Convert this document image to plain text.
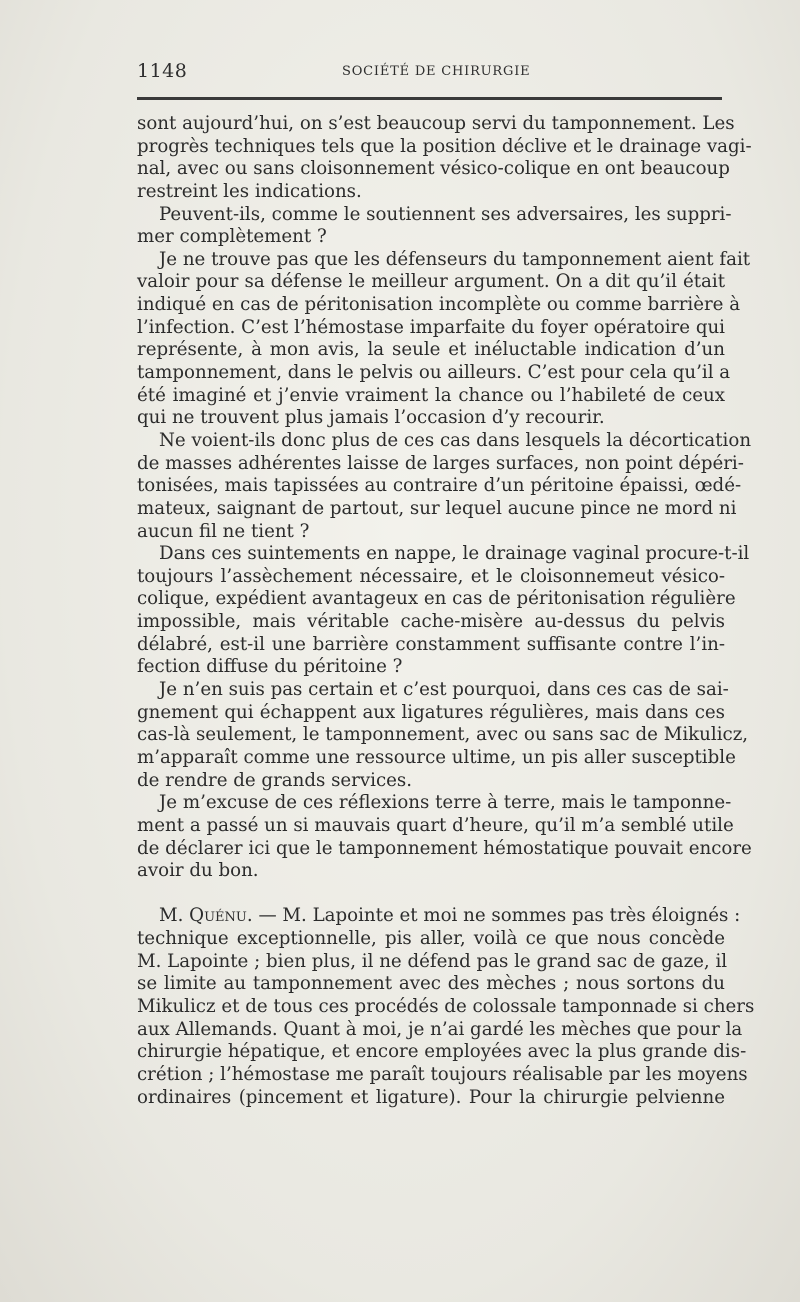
1148	SOCIÉTÉ DE CHIRURGIE
sont aujourd’hui, on s’est beaucoup servi du tamponnement. Les
progrès techniques tels que la position déclive et le drainage vagi-
nal, avec ou sans cloisonnement vésico-colique en ont beaucoup
restreint les indications.
Peuvent-ils, comme le soutiennent ses adversaires, les suppri-
mer complètement ?
Je ne trouve pas que les défenseurs du tamponnement aient fait
valoir pour sa défense le meilleur argument. On a dit qu’il était
indiqué en cas de péritonisation incomplète ou comme barrière à
l’infection. C’est l’hémostase imparfaite du foyer opératoire qui
représente, à mon avis, la seule et inéluctable indication d’un
tamponnement, dans le pelvis ou ailleurs. C’est pour cela qu’il a
été imaginé et j’envie vraiment la chance ou l’habileté de ceux
qui ne trouvent plus jamais l’occasion d’y recourir.
Ne voient-ils donc plus de ces cas dans lesquels la décortication
de masses adhérentes laisse de larges surfaces, non point dépéri-
tonisées, mais tapissées au contraire d’un péritoine épaissi, œdé-
mateux, saignant de partout, sur lequel aucune pince ne mord ni
aucun fil ne tient ?
Dans ces suintements en nappe, le drainage vaginal procure-t-il
toujours l’assèchement nécessaire, et le cloisonnemeut vésico-
colique, expédient avantageux en cas de péritonisation régulière
impossible, mais véritable cache-misère au-dessus du pelvis
délabré, est-il une barrière constamment suffisante contre l’in-
fection diffuse du péritoine ?
Je n’en suis pas certain et c’est pourquoi, dans ces cas de sai-
gnement qui échappent aux ligatures régulières, mais dans ces
cas-là seulement, le tamponnement, avec ou sans sac de Mikulicz,
m’apparaît comme une ressource ultime, un pis aller susceptible
de rendre de grands services.
Je m’excuse de ces réflexions terre à terre, mais le tamponne-
ment a passé un si mauvais quart d’heure, qu’il m’a semblé utile
de déclarer ici que le tamponnement hémostatique pouvait encore
avoir du bon.
M. Quénu. — M. Lapointe et moi ne sommes pas très éloignés :
technique exceptionnelle, pis aller, voilà ce que nous concède
M. Lapointe ; bien plus, il ne défend pas le grand sac de gaze, il
se limite au tamponnement avec des mèches ; nous sortons du
Mikulicz et de tous ces procédés de colossale tamponnade si chers
aux Allemands. Quant à moi, je n’ai gardé les mèches que pour la
chirurgie hépatique, et encore employées avec la plus grande dis-
crétion ; l’hémostase me paraît toujours réalisable par les moyens
ordinaires (pincement et ligature). Pour la chirurgie pelvienne
